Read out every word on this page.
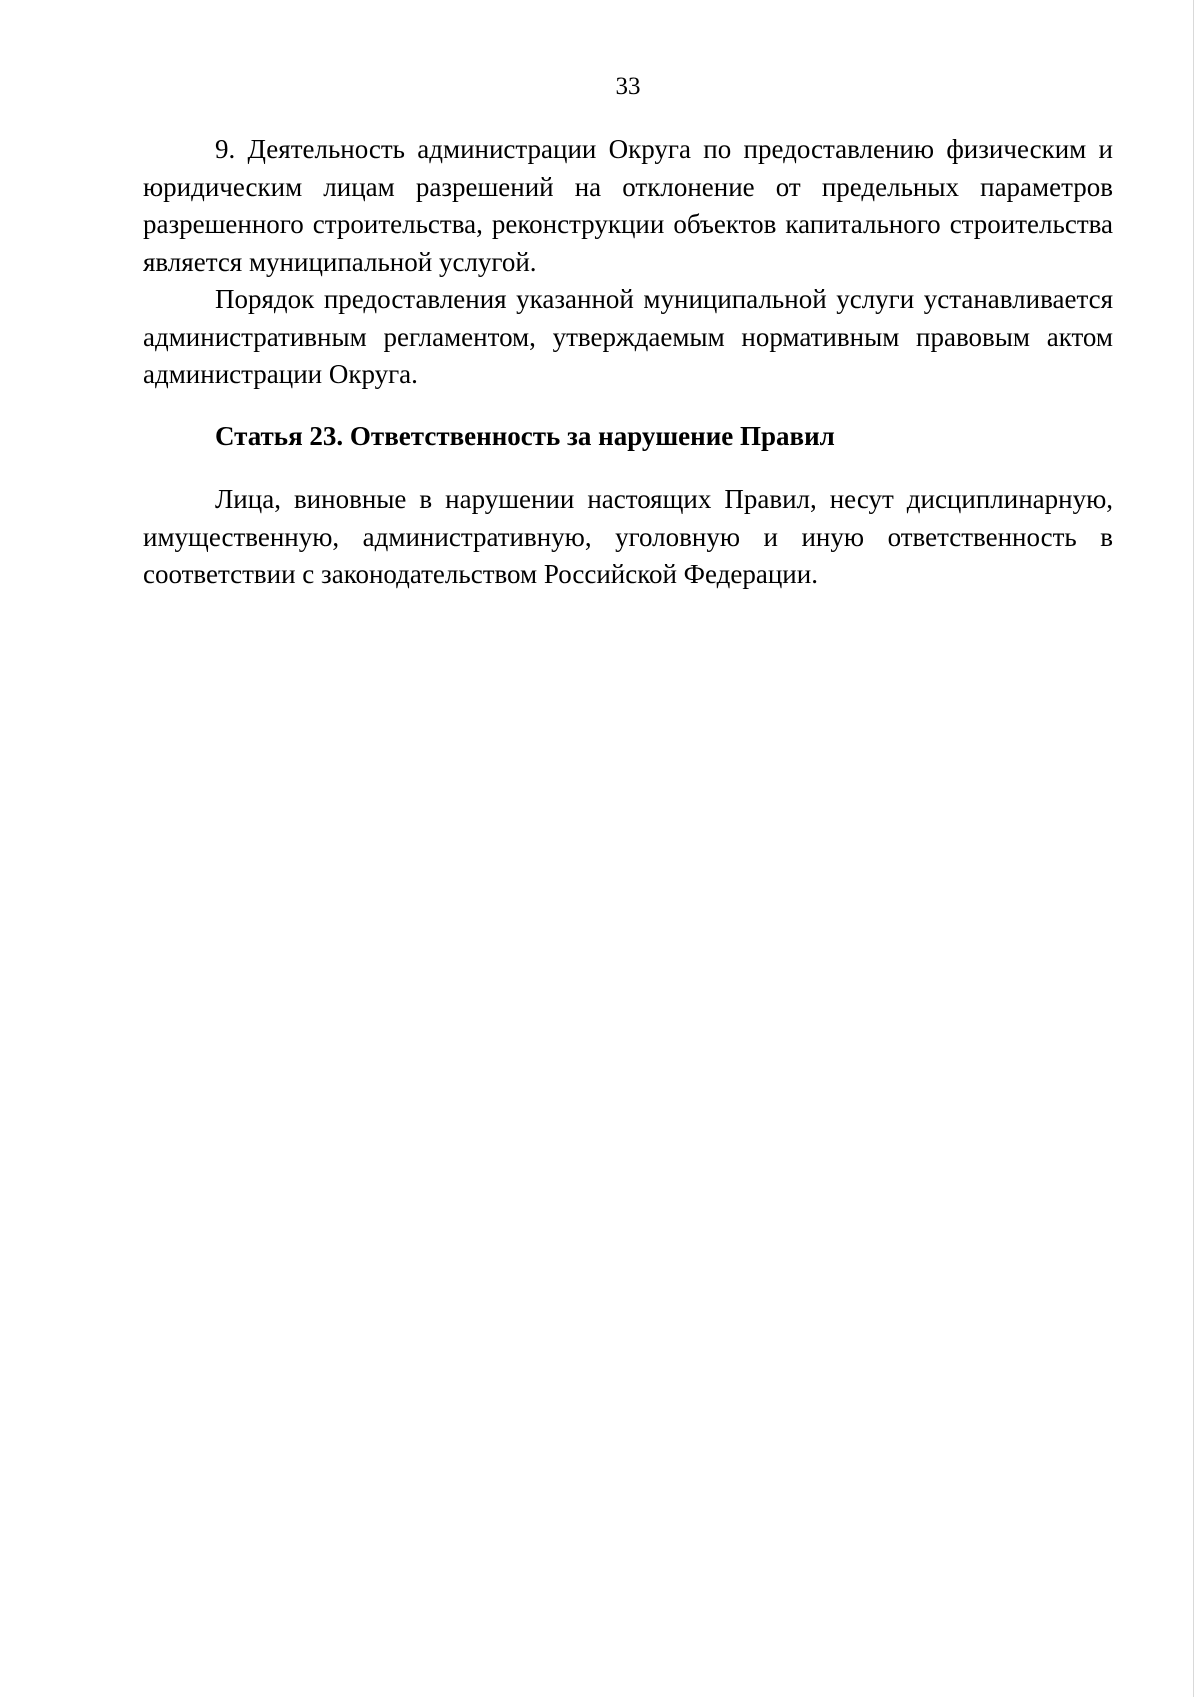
33

9. Деятельность администрации Округа по предоставлению физическим и юридическим лицам разрешений на отклонение от предельных параметров разрешенного строительства, реконструкции объектов капитального строительства является муниципальной услугой.

Порядок предоставления указанной муниципальной услуги устанавливается административным регламентом, утверждаемым нормативным правовым актом администрации Округа.

Статья 23. Ответственность за нарушение Правил

Лица, виновные в нарушении настоящих Правил, несут дисциплинарную, имущественную, административную, уголовную и иную ответственность в соответствии с законодательством Российской Федерации.
